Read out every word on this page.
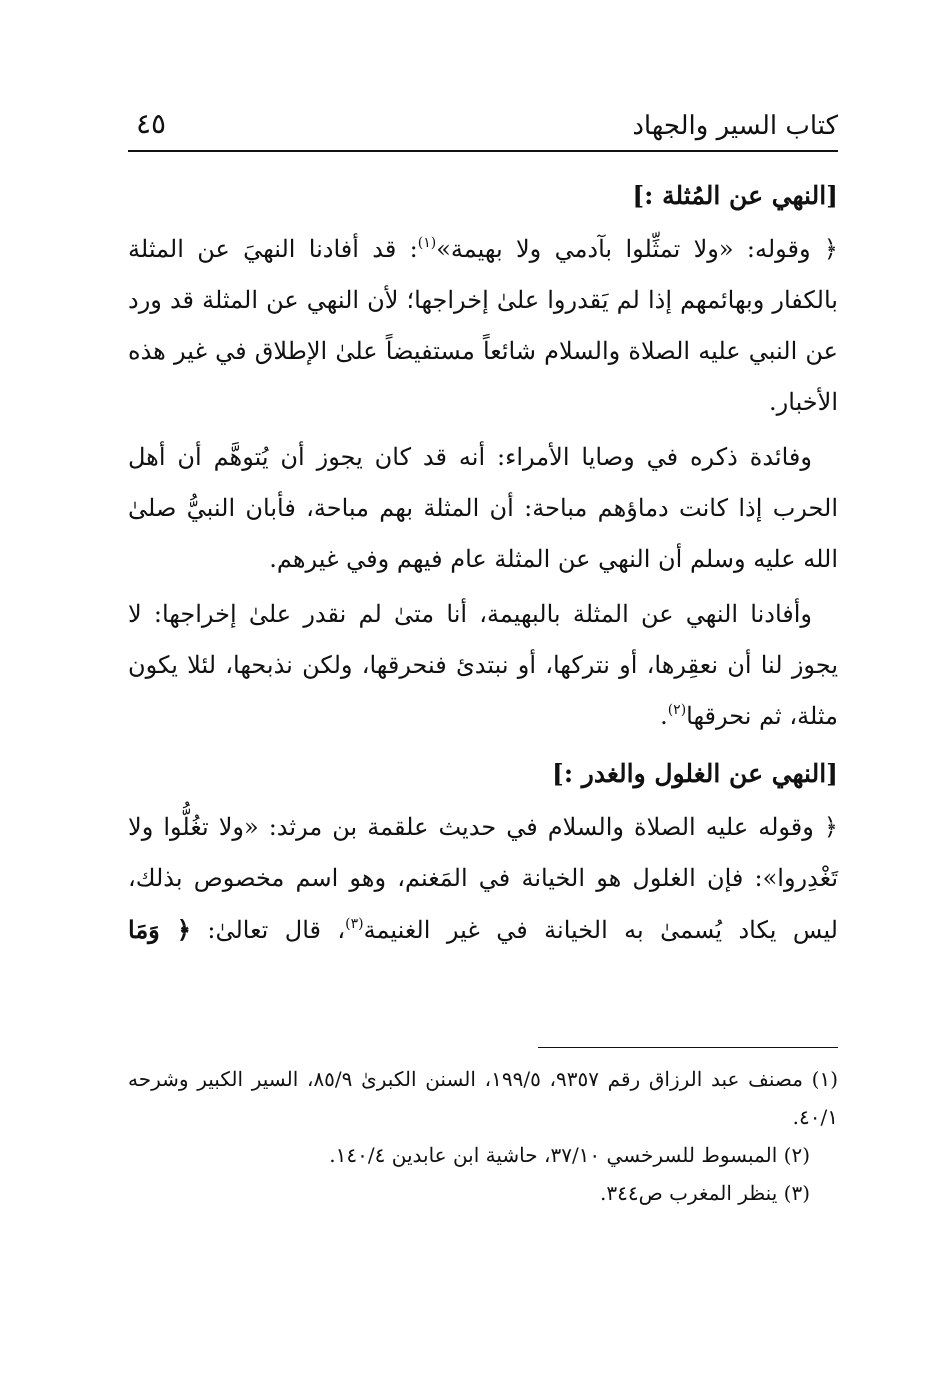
كتاب السير والجهاد
٤٥
[النهي عن المُثلة :]

﴿ وقوله: «ولا تمثِّلوا بآدمي ولا بهيمة»$^{(١)}$: قد أفادنا النهيَ عن المثلة بالكفار وبهائمهم إذا لم يَقدروا علىٰ إخراجها؛ لأن النهي عن المثلة قد ورد عن النبي عليه الصلاة والسلام شائعاً مستفيضاً علىٰ الإطلاق في غير هذه الأخبار.

وفائدة ذكره في وصايا الأمراء: أنه قد كان يجوز أن يُتوهَّم أن أهل الحرب إذا كانت دماؤهم مباحة: أن المثلة بهم مباحة، فأبان النبيُّ صلىٰ الله عليه وسلم أن النهي عن المثلة عام فيهم وفي غيرهم.

وأفادنا النهي عن المثلة بالبهيمة، أنا متىٰ لم نقدر علىٰ إخراجها: لا يجوز لنا أن نعقِرها، أو نتركها، أو نبتدئ فنحرقها، ولكن نذبحها، لئلا يكون مثلة، ثم نحرقها$^{(٢)}$.

[النهي عن الغلول والغدر :]

﴿ وقوله عليه الصلاة والسلام في حديث علقمة بن مرثد: «ولا تغُلُّوا ولا تَغْدِروا»: فإن الغلول هو الخيانة في المَغنم، وهو اسم مخصوص بذلك، ليس يكاد يُسمىٰ به الخيانة في غير الغنيمة$^{(٣)}$، قال تعالىٰ: ﴿ وَمَا

(١) مصنف عبد الرزاق رقم ٩٣٥٧، ١٩٩/٥، السنن الكبرىٰ ٨٥/٩، السير الكبير وشرحه ٤٠/١.

(٢) المبسوط للسرخسي ٣٧/١٠، حاشية ابن عابدين ١٤٠/٤.

(٣) ينظر المغرب ص٣٤٤.
